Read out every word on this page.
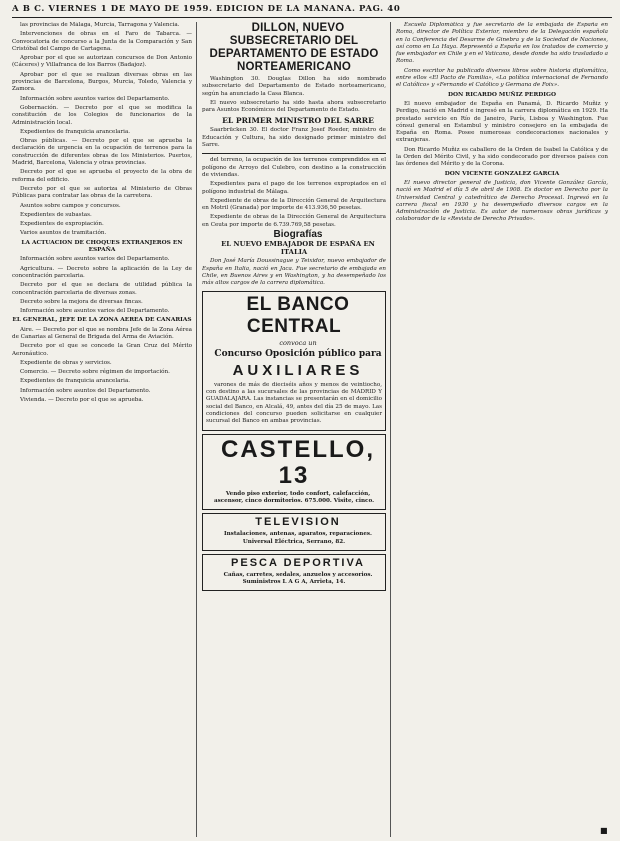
A B C. VIERNES 1 DE MAYO DE 1959. EDICION DE LA MAÑANA. PAG. 40

las provincias de Málaga, Murcia, Tarragona y Valencia.

Intervenciones de obras en el Faro de Tabarca. — Convocatoria de concurso a la Junta de la Comparación y San Cristóbal del Campo de Cartagena.

Aprobar por el que se autorizan concursos de Don Antonio (Cáceres) y Villafranca de los Barros (Badajoz).

Aprobar por el que se realizan diversas obras en las provincias de Barcelona, Burgos, Murcia, Toledo, Valencia y Zamora.

Información sobre asuntos varios del Departamento.

Gobernación. — Decreto por el que se modifica la constitución de los Colegios de funcionarios de la Administración local.

Expedientes de franquicia arancelaria.

Obras públicas. — Decreto por el que se aprueba la declaración de urgencia en la ocupación de terrenos para la construcción de diferentes obras de los Ministerios. Puertos, Madrid, Barcelona, Valencia y otras provincias.

Decreto por el que se aprueba el proyecto de la obra de reforma del edificio.

Decreto por el que se autoriza al Ministerio de Obras Públicas para contratar las obras de la carretera.

Asuntos sobre campos y concursos.

Expedientes de subastas.

Expedientes de expropiación.

Varios asuntos de tramitación.

LA ACTUACION DE CHOQUES EXTRANJEROS EN ESPAÑA

Información sobre asuntos varios del Departamento.

Agricultura. — Decreto sobre la aplicación de la Ley de concentración parcelaria.

Decreto por el que se declara de utilidad pública la concentración parcelaria de diversas zonas.

Decreto sobre la mejora de diversas fincas.

Información sobre asuntos varios del Departamento.

EL GENERAL, JEFE DE LA ZONA AEREA DE CANARIAS

Aire. — Decreto por el que se nombra Jefe de la Zona Aérea de Canarias al General de Brigada del Arma de Aviación.

Decreto por el que se concede la Gran Cruz del Mérito Aeronáutico.

Expediente de obras y servicios.

Comercio. — Decreto sobre régimen de importación.

Expedientes de franquicia arancelaria.

Información sobre asuntos del Departamento.

Vivienda. — Decreto por el que se aprueba.

DILLON, NUEVO SUBSECRETARIO DEL DEPARTAMENTO DE ESTADO NORTEAMERICANO

Washington 30. Douglas Dillon ha sido nombrado subsecretario del Departamento de Estado norteamericano, según ha anunciado la Casa Blanca.

El nuevo subsecretario ha sido hasta ahora subsecretario para Asuntos Económicos del Departamento de Estado.

EL PRIMER MINISTRO DEL SARRE

Saarbrücken 30. El doctor Franz Josef Roeder, ministro de Educación y Cultura, ha sido designado primer ministro del Sarre.

del terreno, la ocupación de los terrenos comprendidos en el polígono de Arroyo del Culebro, con destino a la construcción de viviendas.

Expedientes para el pago de los terrenos expropiados en el polígono industrial de Málaga.

Expediente de obras de la Dirección General de Arquitectura en Motril (Granada) por importe de 413.936,50 pesetas.

Expediente de obras de la Dirección General de Arquitectura en Ceuta por importe de 6.739.769,58 pesetas.

Biografías

EL NUEVO EMBAJADOR DE ESPAÑA EN ITALIA

Don José María Doussinague y Teixidor, nuevo embajador de España en Italia, nació en Jaca. Fue secretario de embajada en Chile, en Buenos Aires y en Washington, y ha desempeñado los más altos cargos de la carrera diplomática.

EL BANCO CENTRAL

convoca un

Concurso Oposición público para

AUXILIARES

varones de más de dieciséis años y menos de veintiocho, con destino a las sucursales de las provincias de MADRID Y GUADALAJARA. Las instancias se presentarán en el domicilio social del Banco, en Alcalá, 49, antes del día 25 de mayo. Las condiciones del concurso pueden solicitarse en cualquier sucursal del Banco en ambas provincias.

CASTELLO, 13

Vendo piso exterior, todo confort, calefacción, ascensor, cinco dormitorios. 675.000. Visite, cinco.

TELEVISION

Instalaciones, antenas, aparatos, reparaciones. Universal Eléctrica, Serrano, 82.

PESCA DEPORTIVA

Cañas, carretes, sedales, anzuelos y accesorios. Suministros L A G A, Arrieta, 14.

Escuela Diplomática y fue secretario de la embajada de España en Roma, director de Política Exterior, miembro de la Delegación española en la Conferencia del Desarme de Ginebra y de la Sociedad de Naciones, así como en La Haya. Representó a España en los tratados de comercio y fue embajador en Chile y en el Vaticano, desde donde ha sido trasladado a Roma.

Como escritor ha publicado diversos libros sobre historia diplomática, entre ellos «El Pacto de Familia», «La política internacional de Fernando el Católico» y «Fernando el Católico y Germana de Foix».

DON RICARDO MUÑIZ PERDIGO

El nuevo embajador de España en Panamá, D. Ricardo Muñiz y Perdigo, nació en Madrid e ingresó en la carrera diplomática en 1929. Ha prestado servicio en Río de Janeiro, París, Lisboa y Washington. Fue cónsul general en Estambul y ministro consejero en la embajada de España en Roma. Posee numerosas condecoraciones nacionales y extranjeras.

Don Ricardo Muñiz es caballero de la Orden de Isabel la Católica y de la Orden del Mérito Civil, y ha sido condecorado por diversos países con las órdenes del Mérito y de la Corona.

DON VICENTE GONZALEZ GARCIA

El nuevo director general de Justicia, don Vicente González García, nació en Madrid el día 5 de abril de 1908. Es doctor en Derecho por la Universidad Central y catedrático de Derecho Procesal. Ingresó en la carrera fiscal en 1930 y ha desempeñado diversos cargos en la Administración de Justicia. Es autor de numerosas obras jurídicas y colaborador de la «Revista de Derecho Privado».

■
